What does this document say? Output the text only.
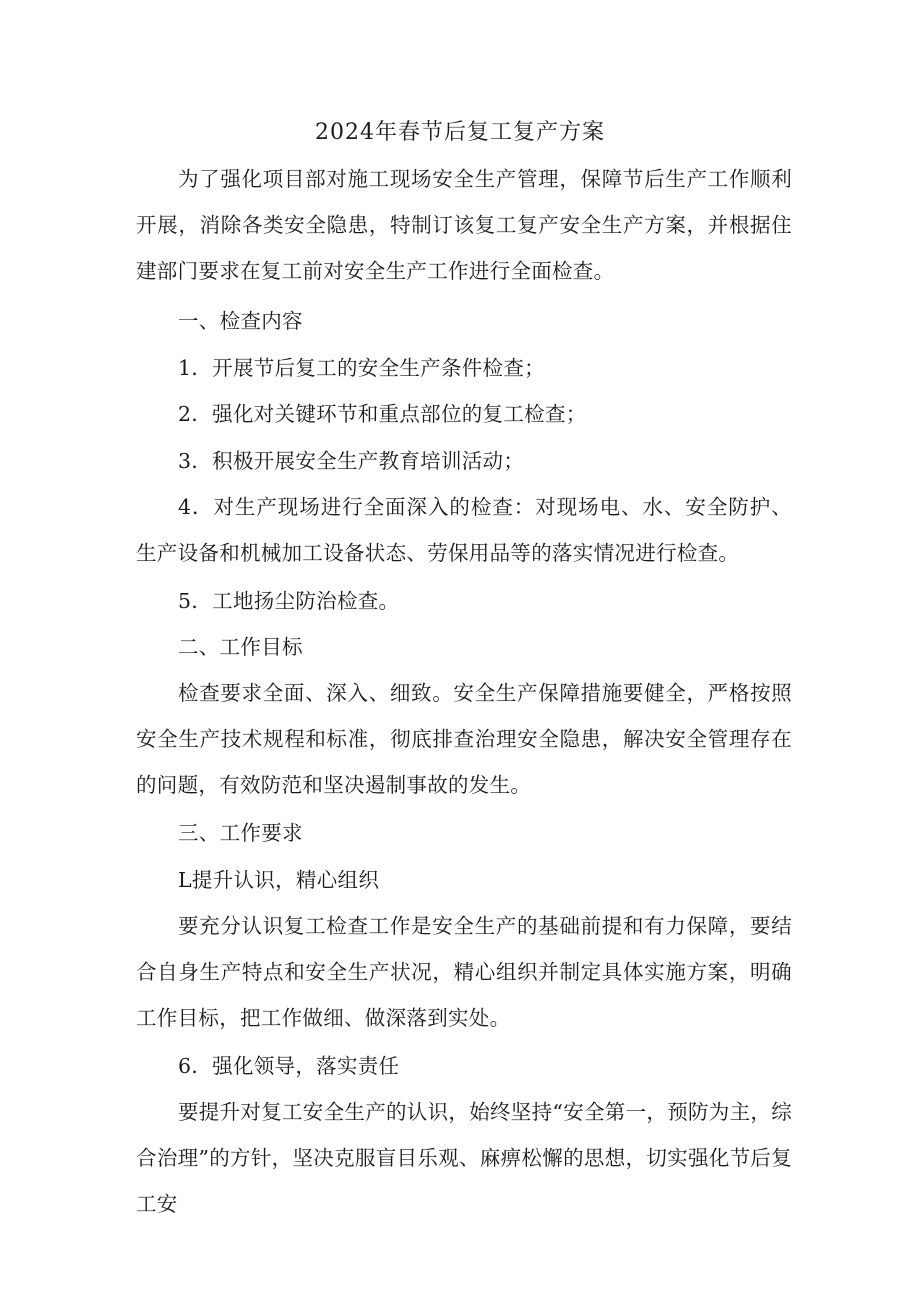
2024年春节后复工复产方案
为了强化项目部对施工现场安全生产管理，保障节后生产工作顺利开展，消除各类安全隐患，特制订该复工复产安全生产方案，并根据住建部门要求在复工前对安全生产工作进行全面检查。
一、检查内容
1．开展节后复工的安全生产条件检查；
2．强化对关键环节和重点部位的复工检查；
3．积极开展安全生产教育培训活动；
4．对生产现场进行全面深入的检查：对现场电、水、安全防护、生产设备和机械加工设备状态、劳保用品等的落实情况进行检查。
5．工地扬尘防治检查。
二、工作目标
检查要求全面、深入、细致。安全生产保障措施要健全，严格按照安全生产技术规程和标准，彻底排查治理安全隐患，解决安全管理存在的问题，有效防范和坚决遏制事故的发生。
三、工作要求
L提升认识，精心组织
要充分认识复工检查工作是安全生产的基础前提和有力保障，要结合自身生产特点和安全生产状况，精心组织并制定具体实施方案，明确工作目标，把工作做细、做深落到实处。
6．强化领导，落实责任
要提升对复工安全生产的认识，始终坚持“安全第一，预防为主，综合治理”的方针，坚决克服盲目乐观、麻痹松懈的思想，切实强化节后复工安
